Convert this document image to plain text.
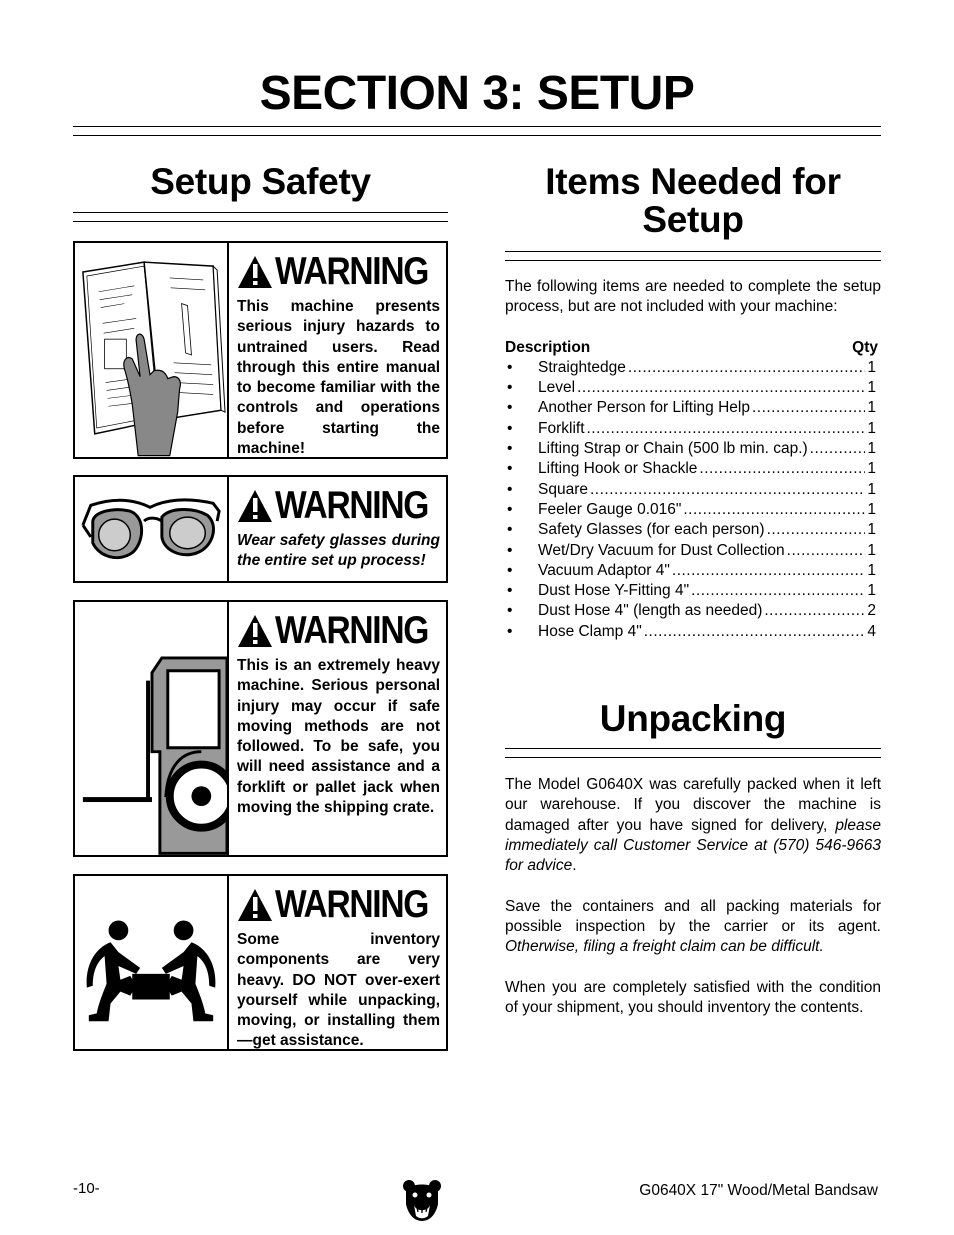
SECTION 3: SETUP
Setup Safety
WARNING
This machine presents serious injury hazards to untrained users. Read through this entire manual to become familiar with the controls and operations before starting the machine!
WARNING
Wear safety glasses during the entire set up process!
WARNING
This is an extremely heavy machine. Serious personal injury may occur if safe moving methods are not followed. To be safe, you will need assistance and a forklift or pallet jack when moving the shipping crate.
WARNING
Some inventory components are very heavy. DO NOT over-exert yourself while unpacking, moving, or installing them—get assistance.
Items Needed for
Setup
The following items are needed to complete the setup process, but are not included with your machine:
Description	Qty
•	Straightedge .....	1
•	Level .....	1
•	Another Person for Lifting Help .....	1
•	Forklift .....	1
•	Lifting Strap or Chain (500 lb min. cap.) .....	1
•	Lifting Hook or Shackle .....	1
•	Square .....	1
•	Feeler Gauge 0.016" .....	1
•	Safety Glasses (for each person) .....	1
•	Wet/Dry Vacuum for Dust Collection .....	1
•	Vacuum Adaptor 4" .....	1
•	Dust Hose Y-Fitting 4" .....	1
•	Dust Hose 4" (length as needed) .....	2
•	Hose Clamp 4" .....	4
Unpacking
The Model G0640X was carefully packed when it left our warehouse. If you discover the machine is damaged after you have signed for delivery, please immediately call Customer Service at (570) 546-9663 for advice.
Save the containers and all packing materials for possible inspection by the carrier or its agent. Otherwise, filing a freight claim can be difficult.
When you are completely satisfied with the condition of your shipment, you should inventory the contents.
-10-	G0640X 17" Wood/Metal Bandsaw
